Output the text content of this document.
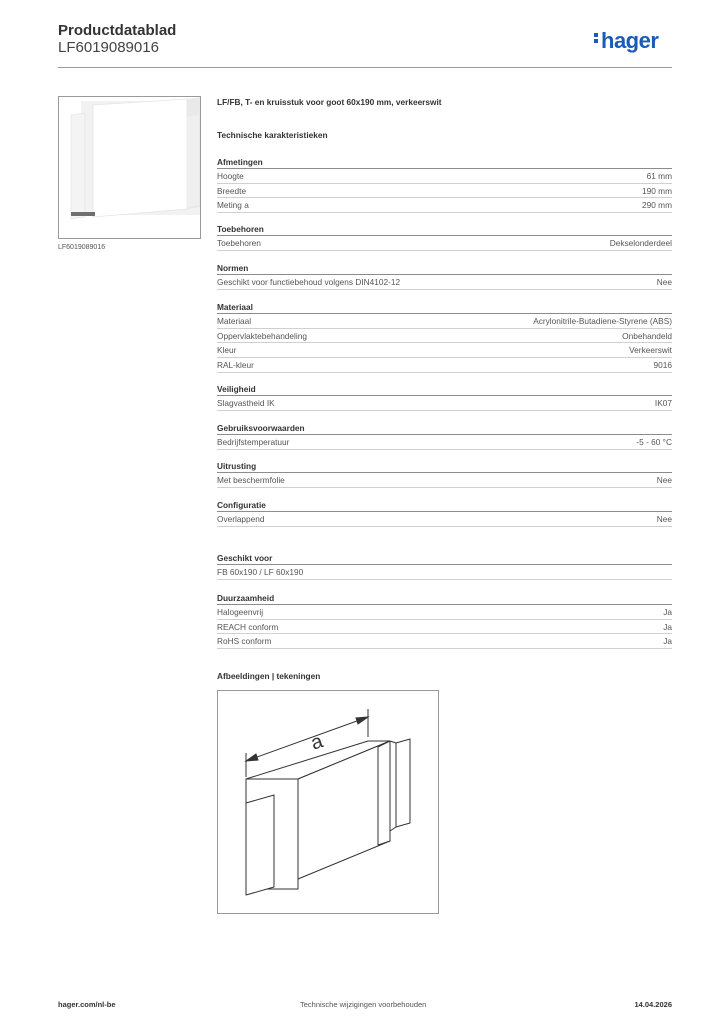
Productdatablad
LF6019089016	hager
LF6019089016
LF/FB, T- en kruisstuk voor goot 60x190 mm, verkeerswit
Technische karakteristieken
Afmetingen
Hoogte	61 mm
Breedte	190 mm
Meting a	290 mm
Toebehoren
Toebehoren	Dekselonderdeel
Normen
Geschikt voor functiebehoud volgens DIN4102-12	Nee
Materiaal
Materiaal	Acrylonitrile-Butadiene-Styrene (ABS)
Oppervlaktebehandeling	Onbehandeld
Kleur	Verkeerswit
RAL-kleur	9016
Veiligheid
Slagvastheid IK	IK07
Gebruiksvoorwaarden
Bedrijfstemperatuur	-5 - 60 °C
Uitrusting
Met beschermfolie	Nee
Configuratie
Overlappend	Nee
Geschikt voor
FB 60x190 / LF 60x190
Duurzaamheid
Halogeenvrij	Ja
REACH conform	Ja
RoHS conform	Ja
Afbeeldingen | tekeningen
a
hager.com/nl-be	Technische wijzigingen voorbehouden	14.04.2026
